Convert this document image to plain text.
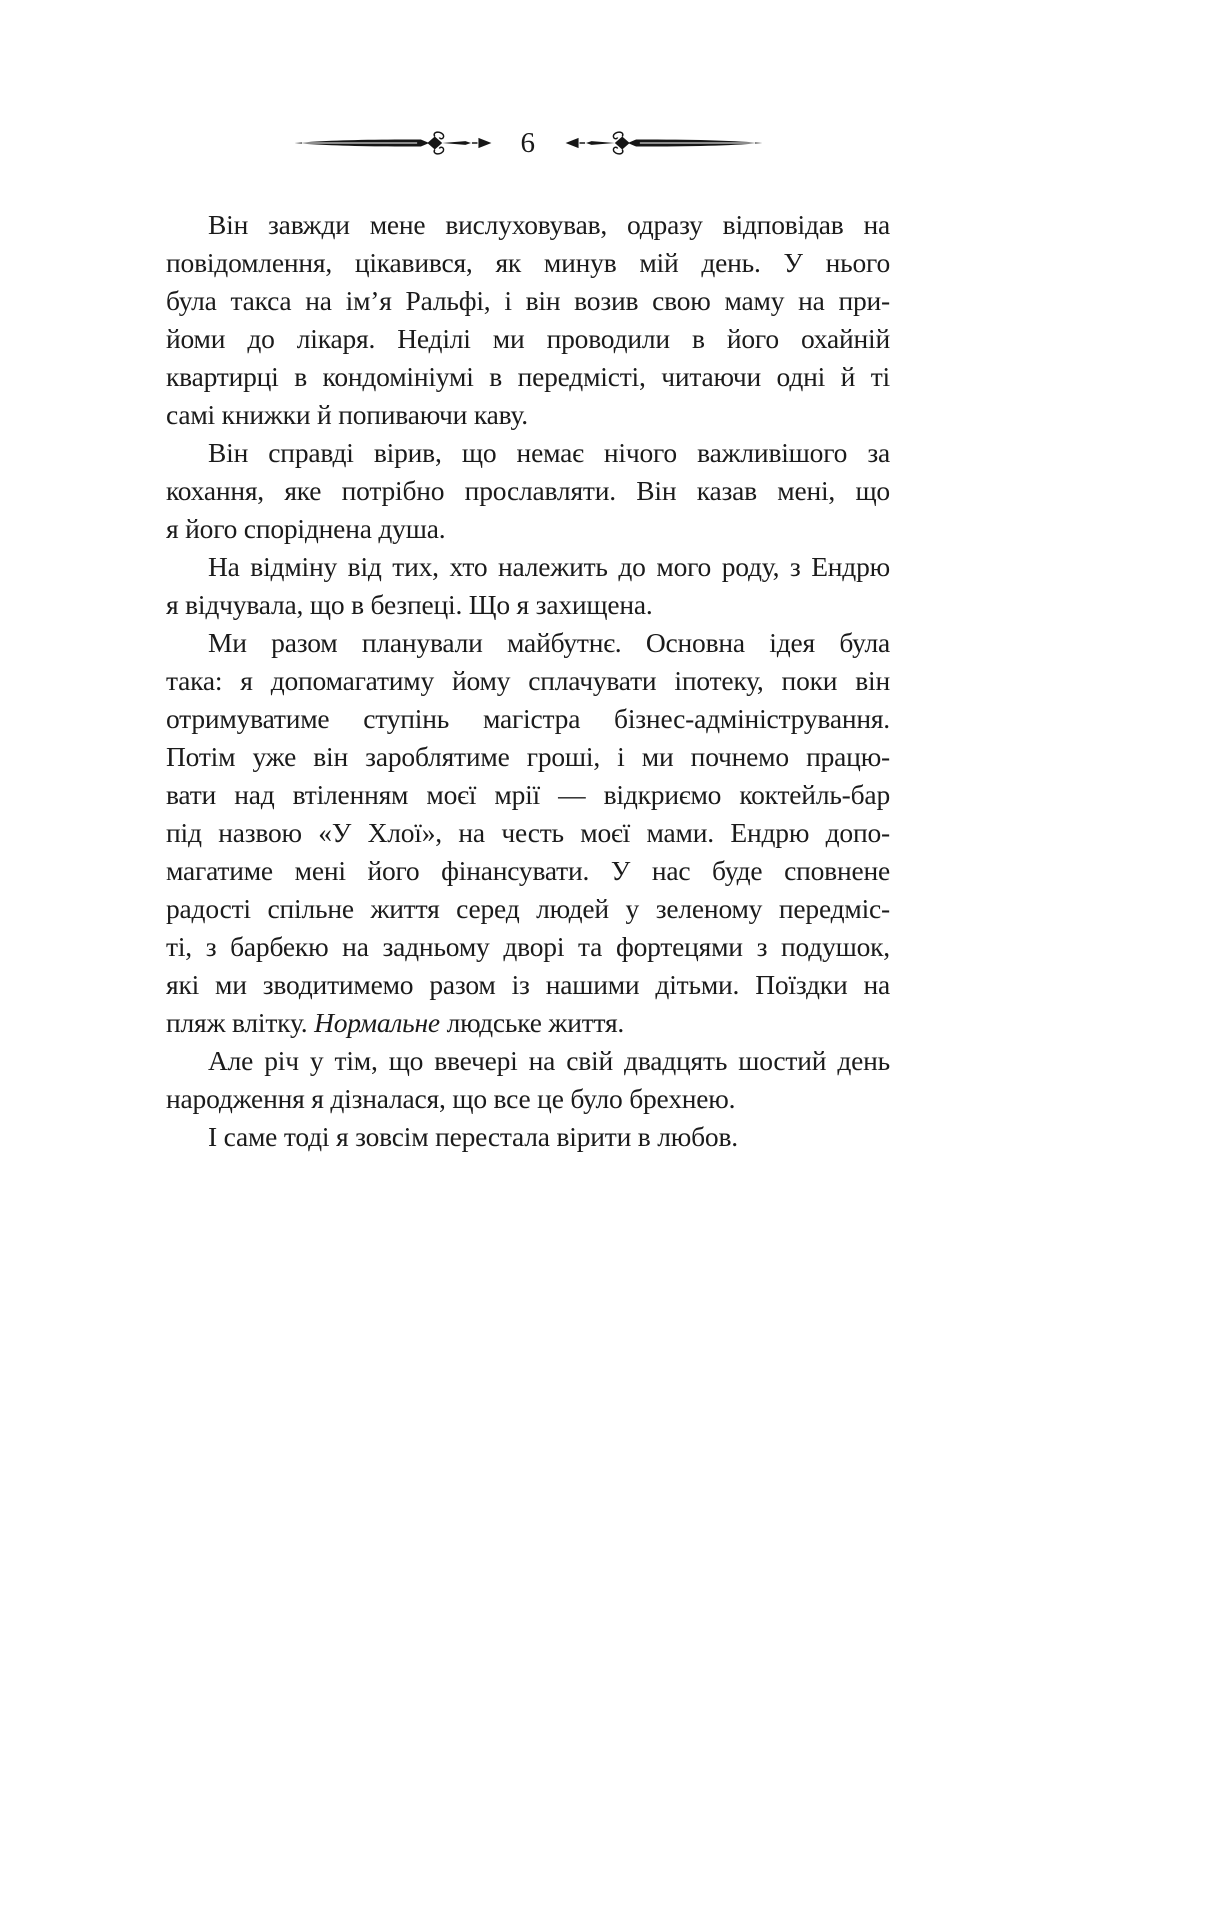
6
Він завжди мене вислуховував, одразу відповідав на
повідомлення, цікавився, як минув мій день. У нього
була такса на ім’я Ральфі, і він возив свою маму на при-
йоми до лікаря. Неділі ми проводили в його охайній
квартирці в кондомініумі в передмісті, читаючи одні й ті
самі книжки й попиваючи каву.
Він справді вірив, що немає нічого важливішого за
кохання, яке потрібно прославляти. Він казав мені, що
я його споріднена душа.
На відміну від тих, хто належить до мого роду, з Ендрю
я відчувала, що в безпеці. Що я захищена.
Ми разом планували майбутнє. Основна ідея була
така: я допомагатиму йому сплачувати іпотеку, поки він
отримуватиме ступінь магістра бізнес-адміністрування.
Потім уже він зароблятиме гроші, і ми почнемо працю-
вати над втіленням моєї мрії — відкриємо коктейль-бар
під назвою «У Хлої», на честь моєї мами. Ендрю допо-
магатиме мені його фінансувати. У нас буде сповнене
радості спільне життя серед людей у зеленому передміс-
ті, з барбекю на задньому дворі та фортецями з подушок,
які ми зводитимемо разом із нашими дітьми. Поїздки на
пляж влітку. Нормальне людське життя.
Але річ у тім, що ввечері на свій двадцять шостий день
народження я дізналася, що все це було брехнею.
І саме тоді я зовсім перестала вірити в любов.
